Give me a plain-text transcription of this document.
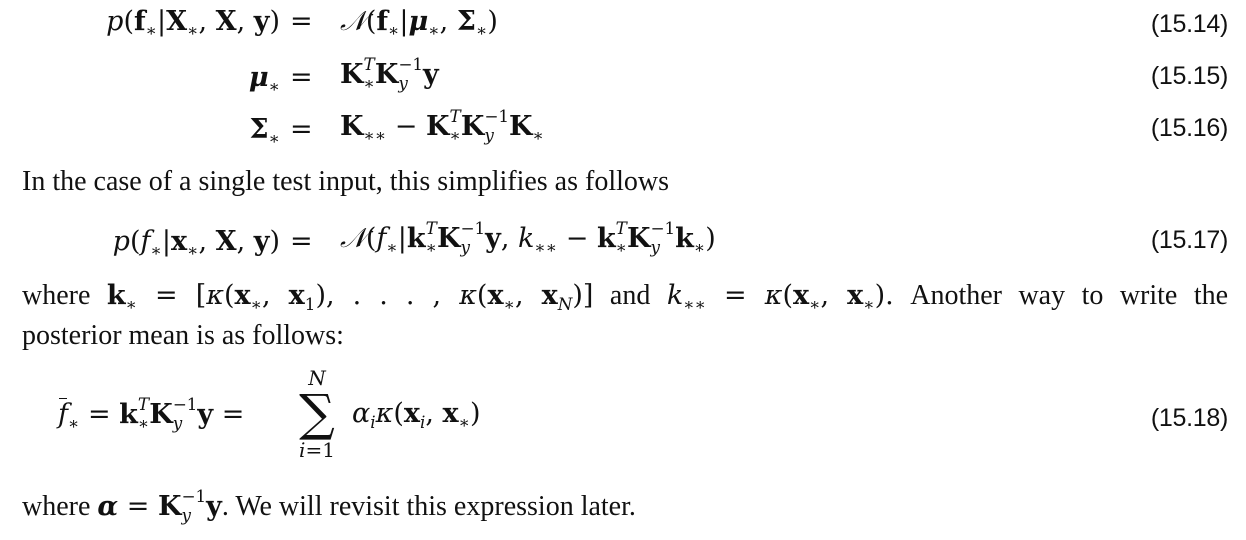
$p(f_∗|X_∗$, X, $y) = 𝒩(f_∗|\mu_∗$, $\Sigma_∗$)	(15.14)
$\mu_∗ = K$ T
∗ K −1
y y	(15.15)
$\Sigma_∗ = K_{∗∗} - K$ T
∗ K −1
y $K_∗$	(15.16)
In the case of a single test input, this simplifies as follows
$p(f_∗|x_∗$, X, $y) = 𝒩(f_∗|k$ T
∗ K −1
y y, $k_{∗∗} - k$ T
∗ K −1
y $k_∗$)	(15.17)
where $k_∗ = [\kappa(x_∗$, $x_1$), . . . , $\kappa(x_∗$, $x_N$)] and $k_{∗∗} = \kappa(x_∗$, $x_∗$). Another way to write the
posterior mean is as follows:
$f_∗ = k$ T
∗ K −1
y y =	$\alpha_i\kappa(x_i$, $x_∗$)
N
∑
i=1
(15.18)
where α = K −1
y y. We will revisit this expression later.
